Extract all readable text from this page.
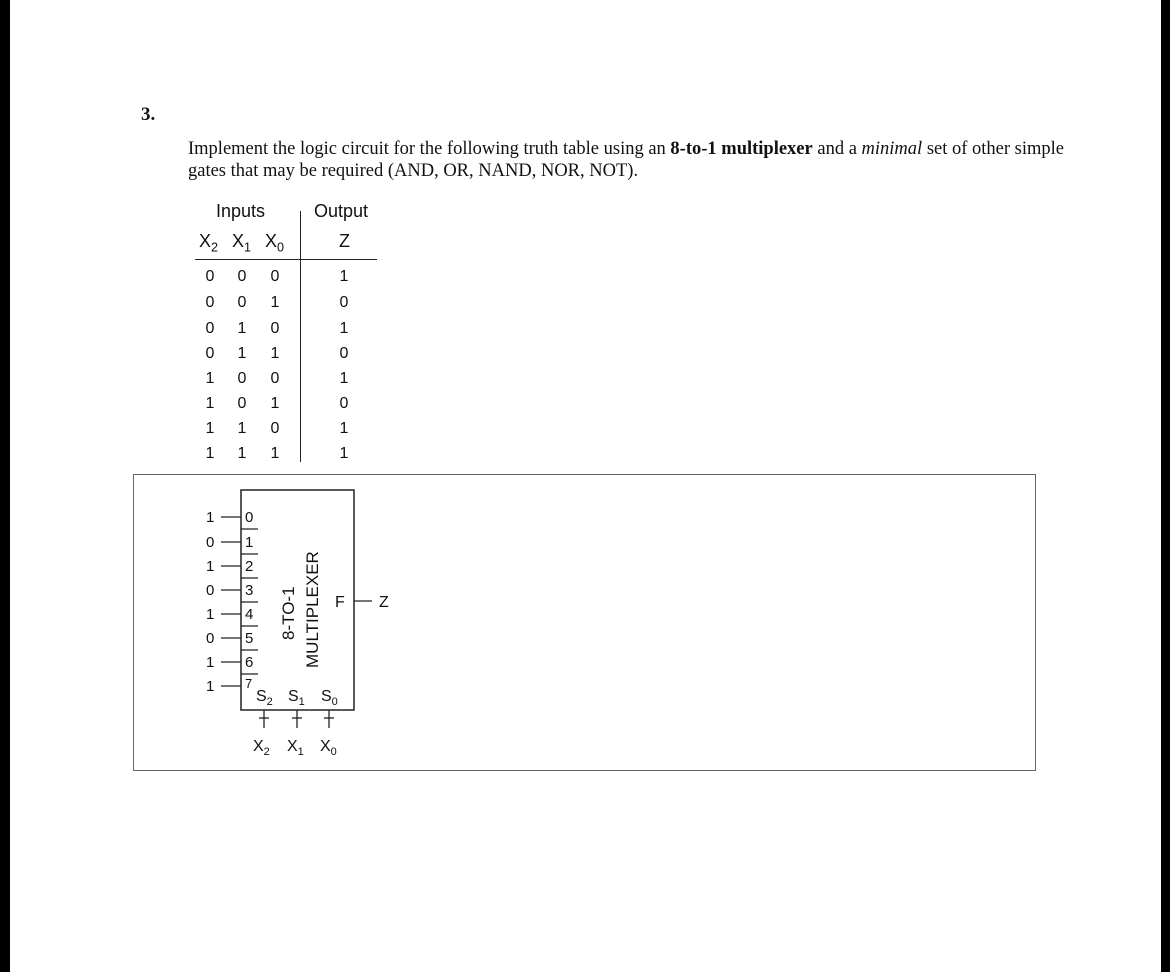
3.
Implement the logic circuit for the following truth table using an 8-to-1 multiplexer and a minimal set of other simple gates that may be required (AND, OR, NAND, NOR, NOT).
Inputs	Output
$X_2$ $X_1$ $X_0$	Z
0	0	0	1
0	0	1	0
0	1	0	1
0	1	1	0
1	0	0	1
1	0	1	0
1	1	0	1
1	1	1	1
1
0
1
0
1
0
1
1
0
1
2
3
4
5
6
7
8-TO-1 MULTIPLEXER
$S_2$ $S_1$ $S_0$
$X_2$ $X_1$ $X_0$
F Z
